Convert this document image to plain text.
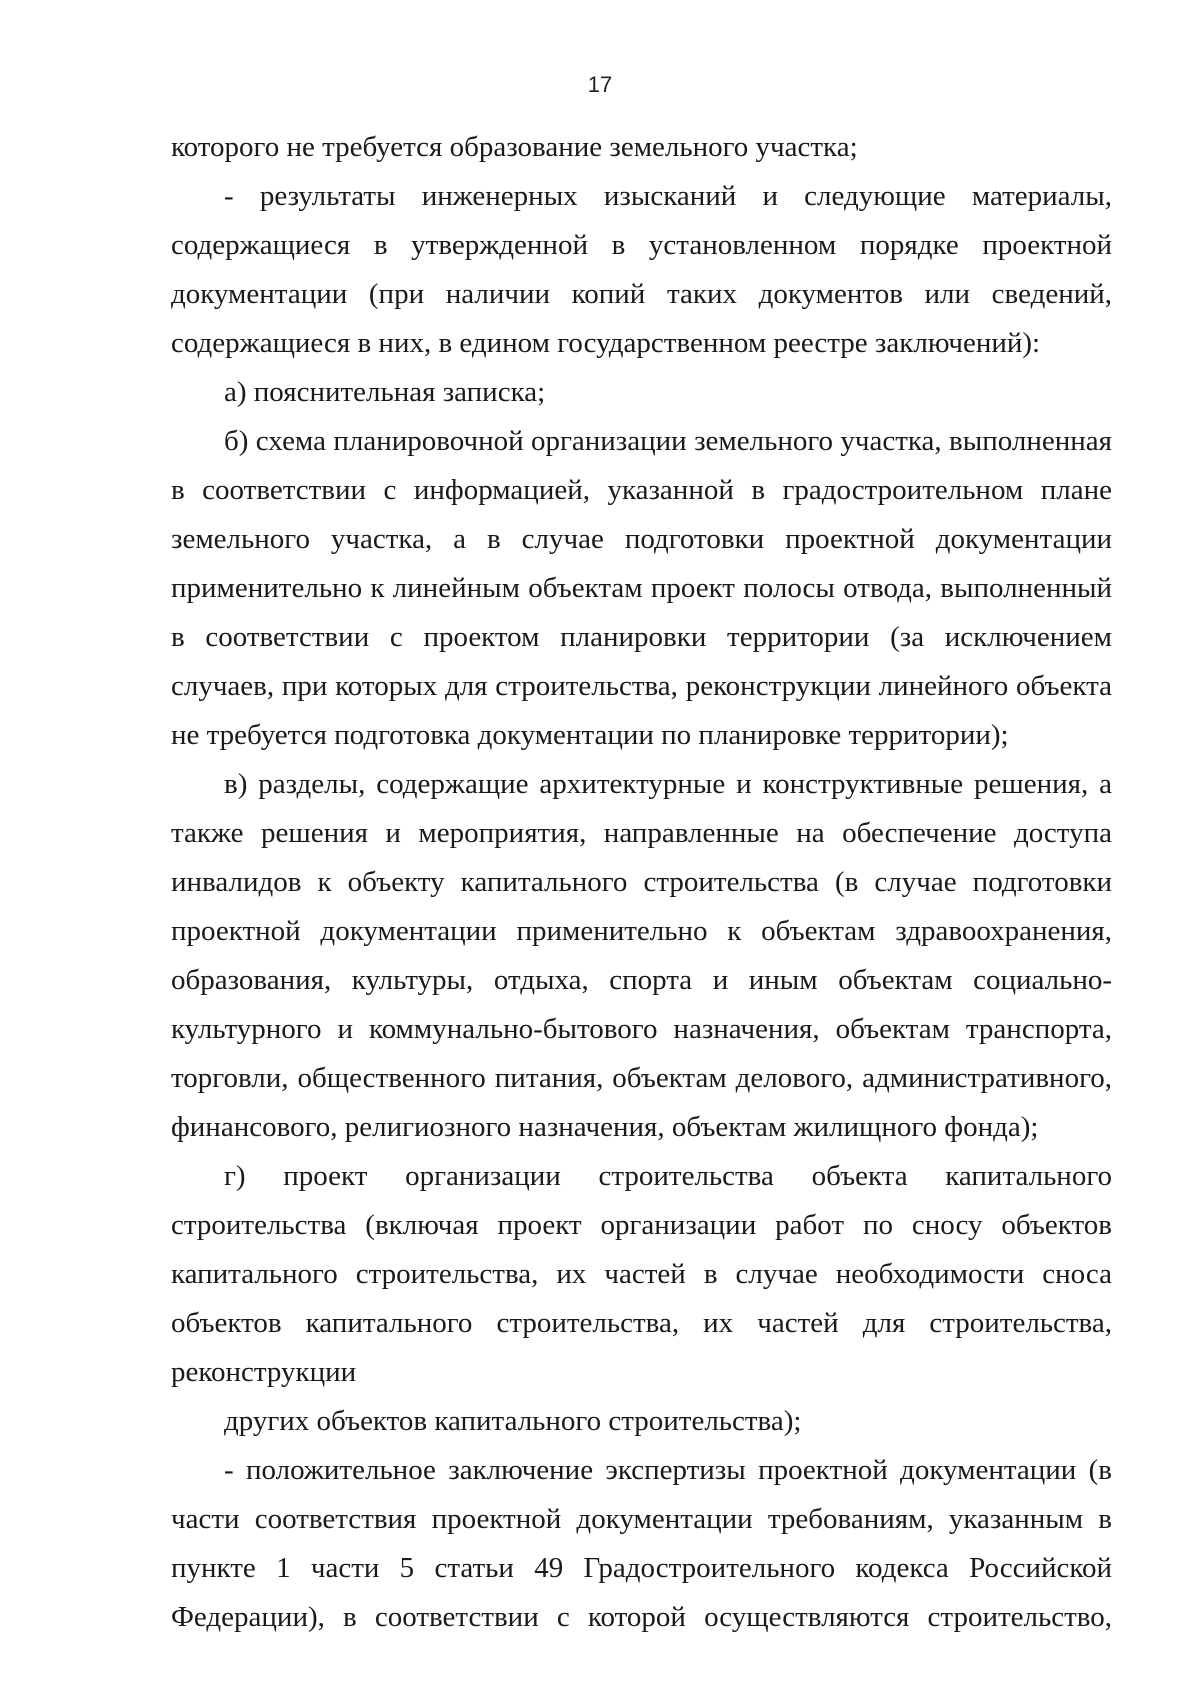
17

которого не требуется образование земельного участка;

- результаты инженерных изысканий и следующие материалы, содержащиеся в утвержденной в установленном порядке проектной документации (при наличии копий таких документов или сведений, содержащиеся в них, в едином государственном реестре заключений):

а) пояснительная записка;

б) схема планировочной организации земельного участка, выполненная в соответствии с информацией, указанной в градостроительном плане земельного участка, а в случае подготовки проектной документации применительно к линейным объектам проект полосы отвода, выполненный в соответствии с проектом планировки территории (за исключением случаев, при которых для строительства, реконструкции линейного объекта не требуется подготовка документации по планировке территории);

в) разделы, содержащие архитектурные и конструктивные решения, а также решения и мероприятия, направленные на обеспечение доступа инвалидов к объекту капитального строительства (в случае подготовки проектной документации применительно к объектам здравоохранения, образования, культуры, отдыха, спорта и иным объектам социально-культурного и коммунально-бытового назначения, объектам транспорта, торговли, общественного питания, объектам делового, административного, финансового, религиозного назначения, объектам жилищного фонда);

г) проект организации строительства объекта капитального строительства (включая проект организации работ по сносу объектов капитального строительства, их частей в случае необходимости сноса объектов капитального строительства, их частей для строительства, реконструкции

других объектов капитального строительства);

- положительное заключение экспертизы проектной документации (в части соответствия проектной документации требованиям, указанным в пункте 1 части 5 статьи 49 Градостроительного кодекса Российской Федерации), в соответствии с которой осуществляются строительство,
